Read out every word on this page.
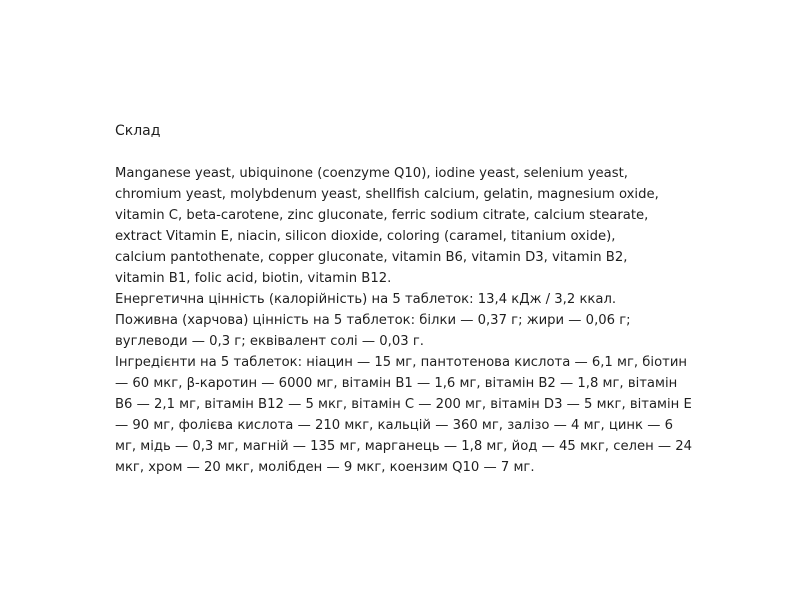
Склад

Manganese yeast, ubiquinone (coenzyme Q10), iodine yeast, selenium yeast,
chromium yeast, molybdenum yeast, shellfish calcium, gelatin, magnesium oxide,
vitamin C, beta-carotene, zinc gluconate, ferric sodium citrate, calcium stearate,
extract Vitamin E, niacin, silicon dioxide, coloring (caramel, titanium oxide),
calcium pantothenate, copper gluconate, vitamin B6, vitamin D3, vitamin B2,
vitamin B1, folic acid, biotin, vitamin B12.
Енергетична цінність (калорійність) на 5 таблеток: 13,4 кДж / 3,2 ккал.
Поживна (харчова) цінність на 5 таблеток: білки — 0,37 г; жири — 0,06 г;
вуглеводи — 0,3 г; еквівалент солі — 0,03 г.
Інгредієнти на 5 таблеток: ніацин — 15 мг, пантотенова кислота — 6,1 мг, біотин
— 60 мкг, β-каротин — 6000 мг, вітамін B1 — 1,6 мг, вітамін B2 — 1,8 мг, вітамін
B6 — 2,1 мг, вітамін B12 — 5 мкг, вітамін С — 200 мг, вітамін D3 — 5 мкг, вітамін Е
— 90 мг, фолієва кислота — 210 мкг, кальцій — 360 мг, залізо — 4 мг, цинк — 6
мг, мідь — 0,3 мг, магній — 135 мг, марганець — 1,8 мг, йод — 45 мкг, селен — 24
мкг, хром — 20 мкг, молібден — 9 мкг, коензим Q10 — 7 мг.
